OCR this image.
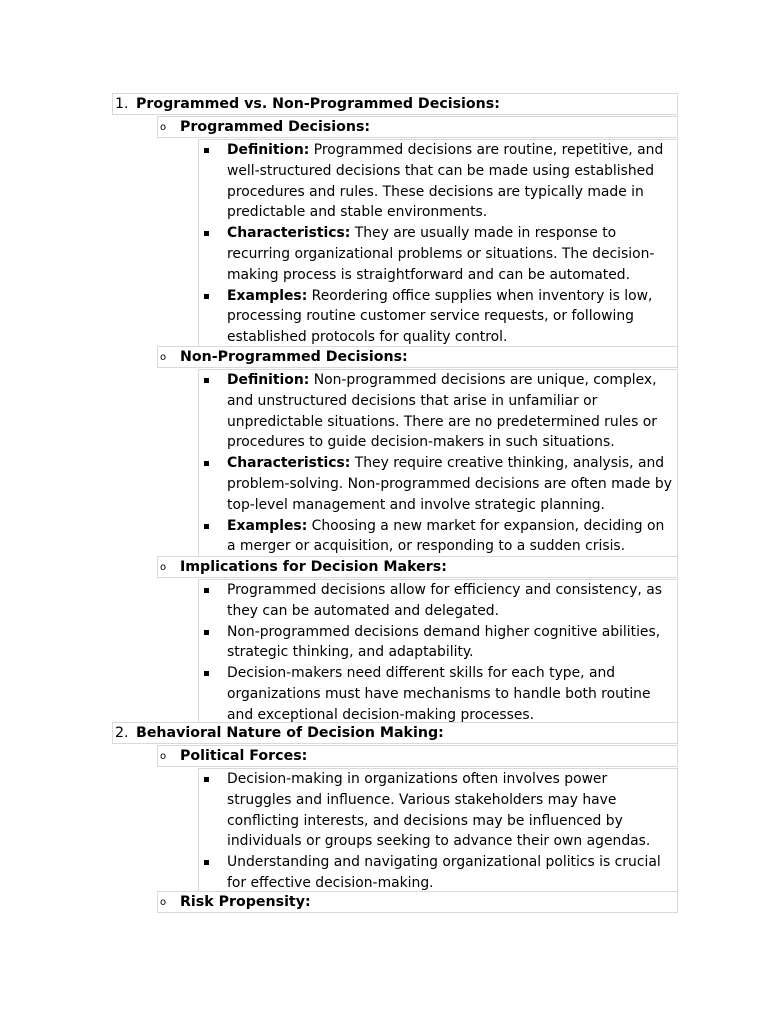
1. Programmed vs. Non-Programmed Decisions:
o Programmed Decisions:
Definition: Programmed decisions are routine, repetitive, and well-structured decisions that can be made using established procedures and rules. These decisions are typically made in predictable and stable environments.
Characteristics: They are usually made in response to recurring organizational problems or situations. The decision-making process is straightforward and can be automated.
Examples: Reordering office supplies when inventory is low, processing routine customer service requests, or following established protocols for quality control.
o Non-Programmed Decisions:
Definition: Non-programmed decisions are unique, complex, and unstructured decisions that arise in unfamiliar or unpredictable situations. There are no predetermined rules or procedures to guide decision-makers in such situations.
Characteristics: They require creative thinking, analysis, and problem-solving. Non-programmed decisions are often made by top-level management and involve strategic planning.
Examples: Choosing a new market for expansion, deciding on a merger or acquisition, or responding to a sudden crisis.
o Implications for Decision Makers:
Programmed decisions allow for efficiency and consistency, as they can be automated and delegated.
Non-programmed decisions demand higher cognitive abilities, strategic thinking, and adaptability.
Decision-makers need different skills for each type, and organizations must have mechanisms to handle both routine and exceptional decision-making processes.
2. Behavioral Nature of Decision Making:
o Political Forces:
Decision-making in organizations often involves power struggles and influence. Various stakeholders may have conflicting interests, and decisions may be influenced by individuals or groups seeking to advance their own agendas.
Understanding and navigating organizational politics is crucial for effective decision-making.
o Risk Propensity:
